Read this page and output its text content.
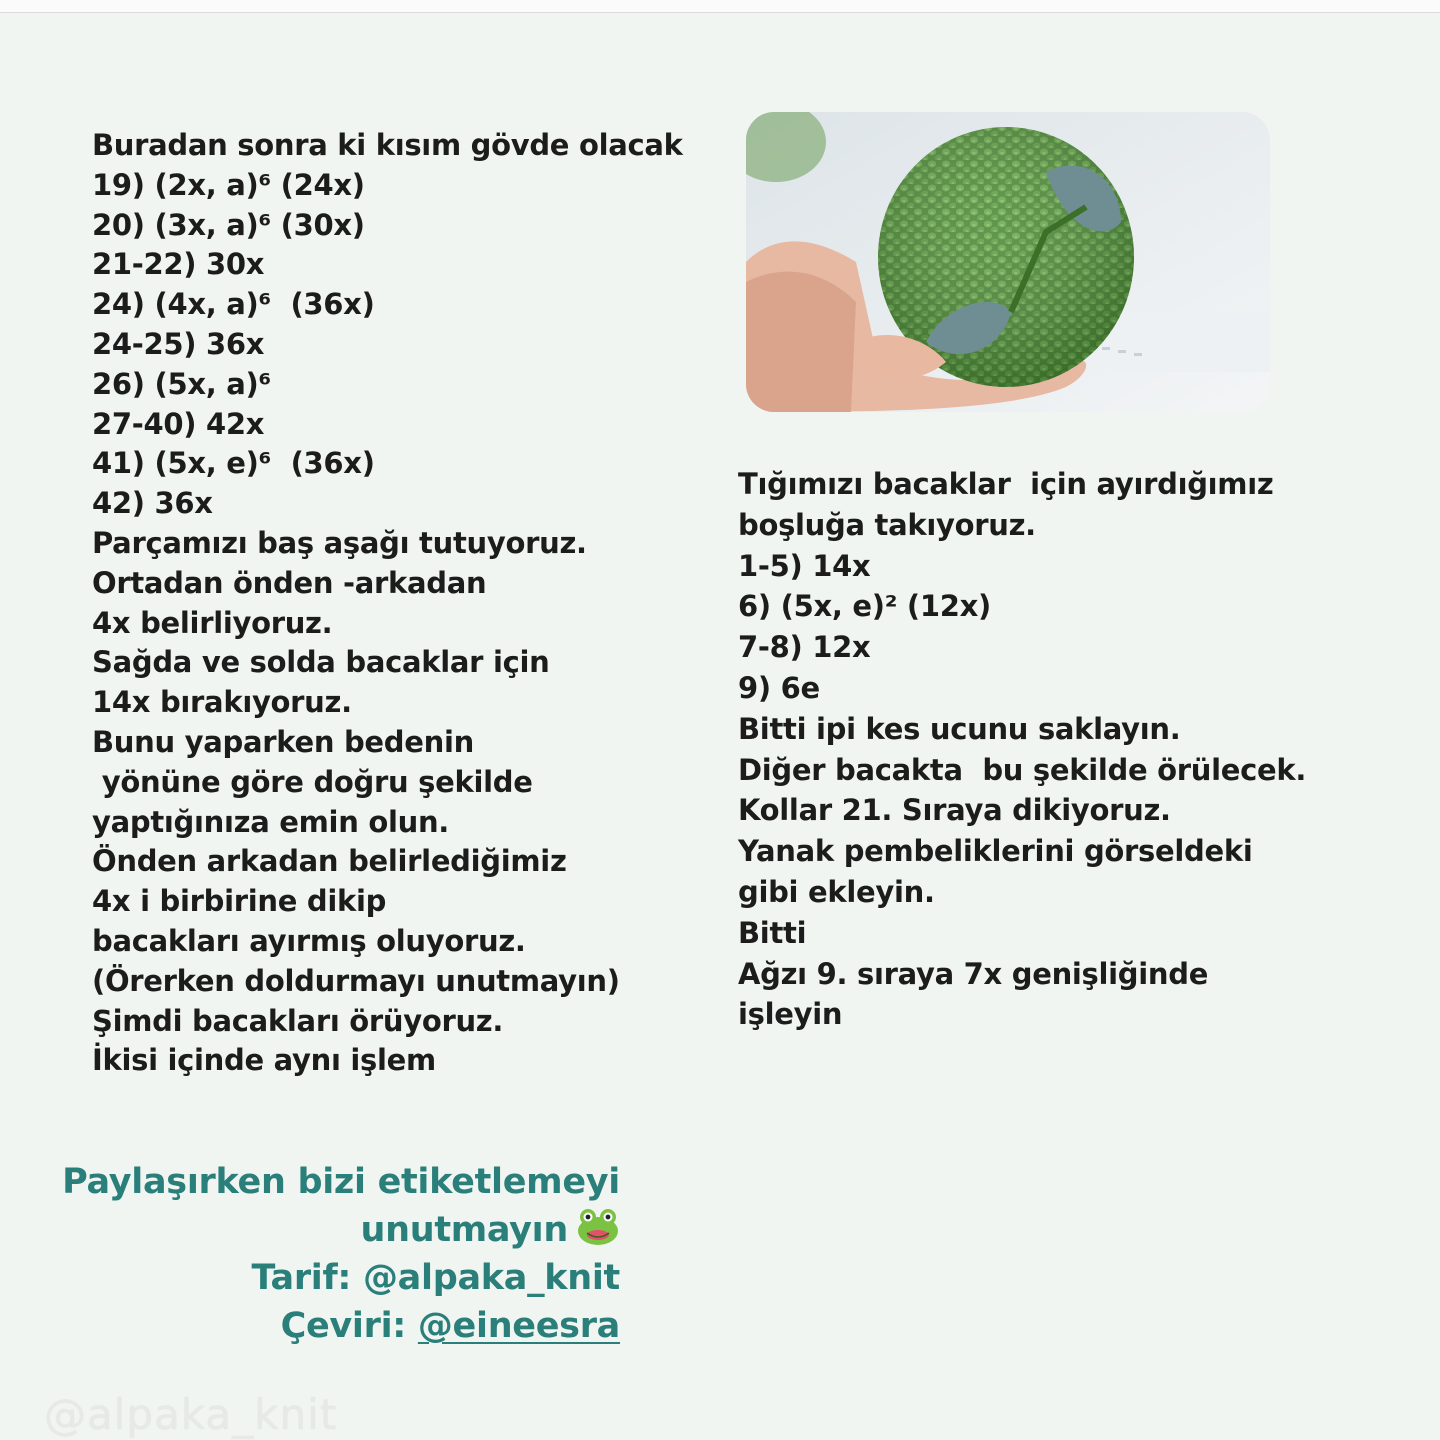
Buradan sonra ki kısım gövde olacak
19) (2x, a)⁶ (24x)
20) (3x, a)⁶ (30x)
21-22) 30x
24) (4x, a)⁶  (36x)
24-25) 36x
26) (5x, a)⁶
27-40) 42x
41) (5x, e)⁶  (36x)
42) 36x
Parçamızı baş aşağı tutuyoruz.
Ortadan önden -arkadan
4x belirliyoruz.
Sağda ve solda bacaklar için
14x bırakıyoruz.
Bunu yaparken bedenin
yönüne göre doğru şekilde
yaptığınıza emin olun.
Önden arkadan belirlediğimiz
4x i birbirine dikip
bacakları ayırmış oluyoruz.
(Örerken doldurmayı unutmayın)
Şimdi bacakları örüyoruz.
İkisi içinde aynı işlem
Tığımızı bacaklar  için ayırdığımız
boşluğa takıyoruz.
1-5) 14x
6) (5x, e)² (12x)
7-8) 12x
9) 6e
Bitti ipi kes ucunu saklayın.
Diğer bacakta  bu şekilde örülecek.
Kollar 21. Sıraya dikiyoruz.
Yanak pembeliklerini görseldeki
gibi ekleyin.
Bitti
Ağzı 9. sıraya 7x genişliğinde
işleyin
Paylaşırken bizi etiketlemeyi
unutmayın
Tarif: @alpaka_knit
Çeviri: @eineesra
@alpaka_knit
